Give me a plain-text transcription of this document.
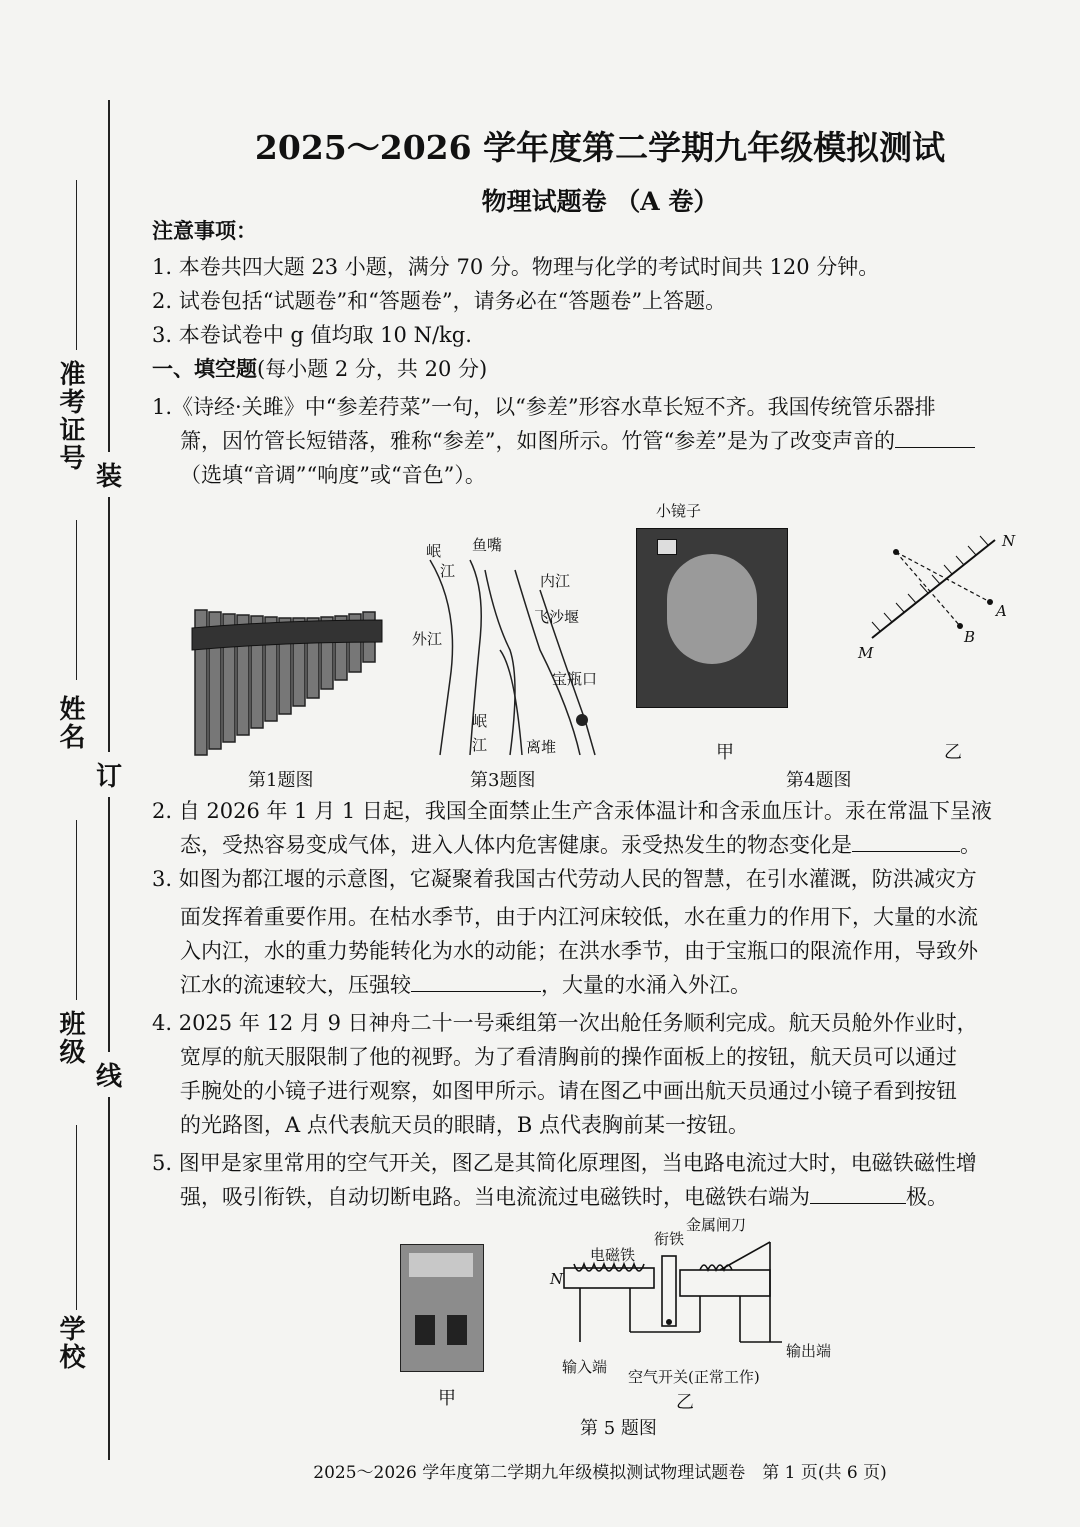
准考证号
姓名
班级
学校
装
订
线
2025～2026 学年度第二学期九年级模拟测试
物理试题卷 （A 卷）
注意事项：
1. 本卷共四大题 23 小题，满分 70 分。物理与化学的考试时间共 120 分钟。
2. 试卷包括“试题卷”和“答题卷”，请务必在“答题卷”上答题。
3. 本卷试卷中 g 值均取 10 N/kg.
一、填空题(每小题 2 分，共 20 分)
1.《诗经·关雎》中“参差荇菜”一句，以“参差”形容水草长短不齐。我国传统管乐器排
箫，因竹管长短错落，雅称“参差”，如图所示。竹管“参差”是为了改变声音的
（选填“音调”“响度”或“音色”）。
第1题图
岷
江
鱼嘴
内江
飞沙堰
外江
宝瓶口
岷
江	离堆
第3题图
小镜子
甲
N
A
B
M
乙
第4题图
2. 自 2026 年 1 月 1 日起，我国全面禁止生产含汞体温计和含汞血压计。汞在常温下呈液
态，受热容易变成气体，进入人体内危害健康。汞受热发生的物态变化是	。
3. 如图为都江堰的示意图，它凝聚着我国古代劳动人民的智慧，在引水灌溉，防洪减灾方
面发挥着重要作用。在枯水季节，由于内江河床较低，水在重力的作用下，大量的水流
入内江，水的重力势能转化为水的动能；在洪水季节，由于宝瓶口的限流作用，导致外
江水的流速较大，压强较	，大量的水涌入外江。
4. 2025 年 12 月 9 日神舟二十一号乘组第一次出舱任务顺利完成。航天员舱外作业时，
宽厚的航天服限制了他的视野。为了看清胸前的操作面板上的按钮，航天员可以通过
手腕处的小镜子进行观察，如图甲所示。请在图乙中画出航天员通过小镜子看到按钮
的光路图，A 点代表航天员的眼睛，B 点代表胸前某一按钮。
5. 图甲是家里常用的空气开关，图乙是其简化原理图，当电路电流过大时，电磁铁磁性增
强，吸引衔铁，自动切断电路。当电流流过电磁铁时，电磁铁右端为	极。
甲
衔铁
金属闸刀
电磁铁
N
输入端
输出端
空气开关(正常工作)
乙
第 5 题图
2025～2026 学年度第二学期九年级模拟测试物理试题卷　第 1 页(共 6 页)
